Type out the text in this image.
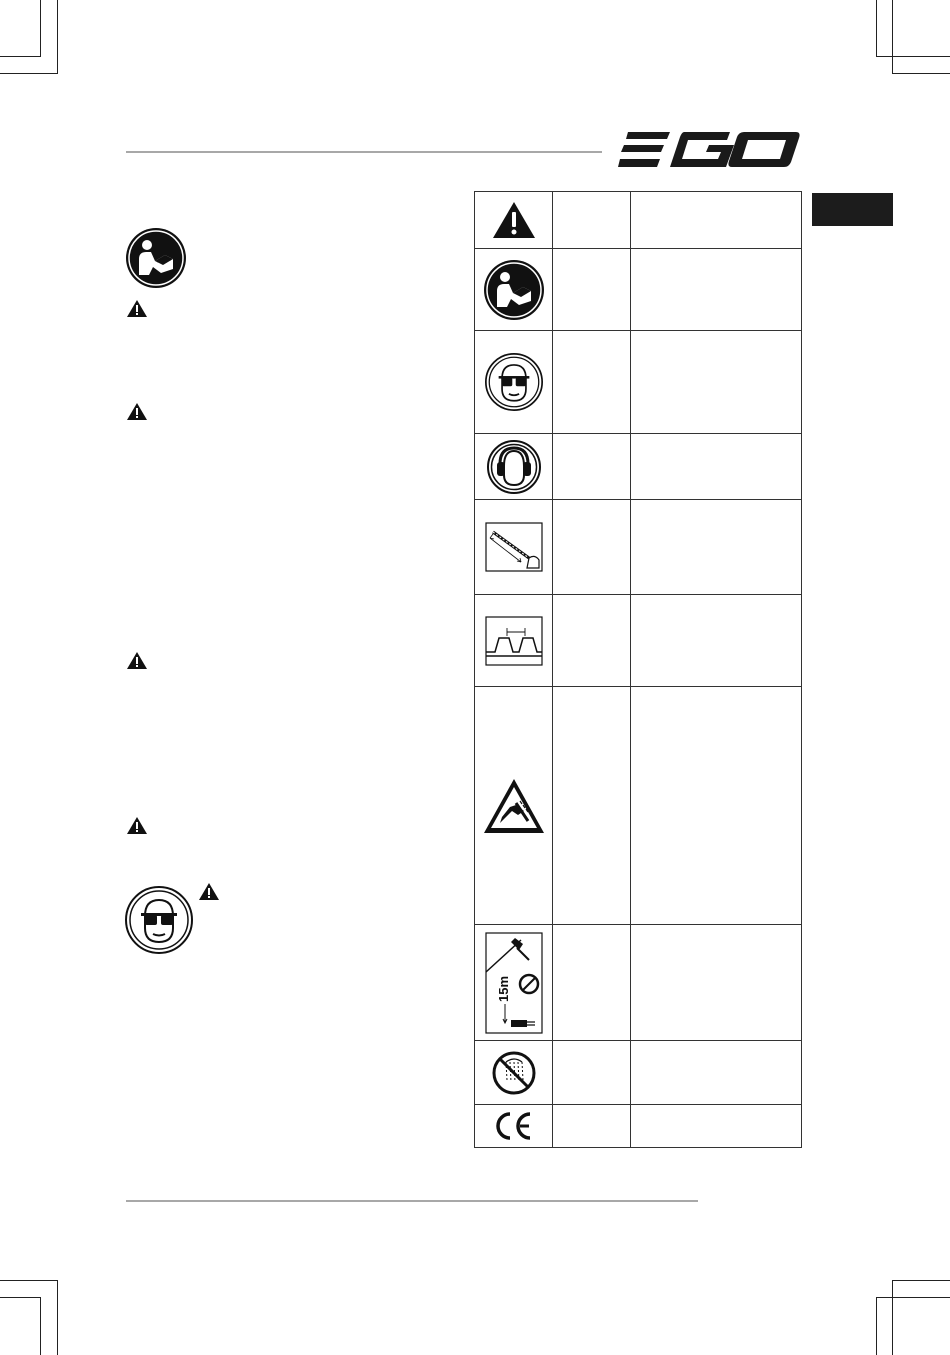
15m		
